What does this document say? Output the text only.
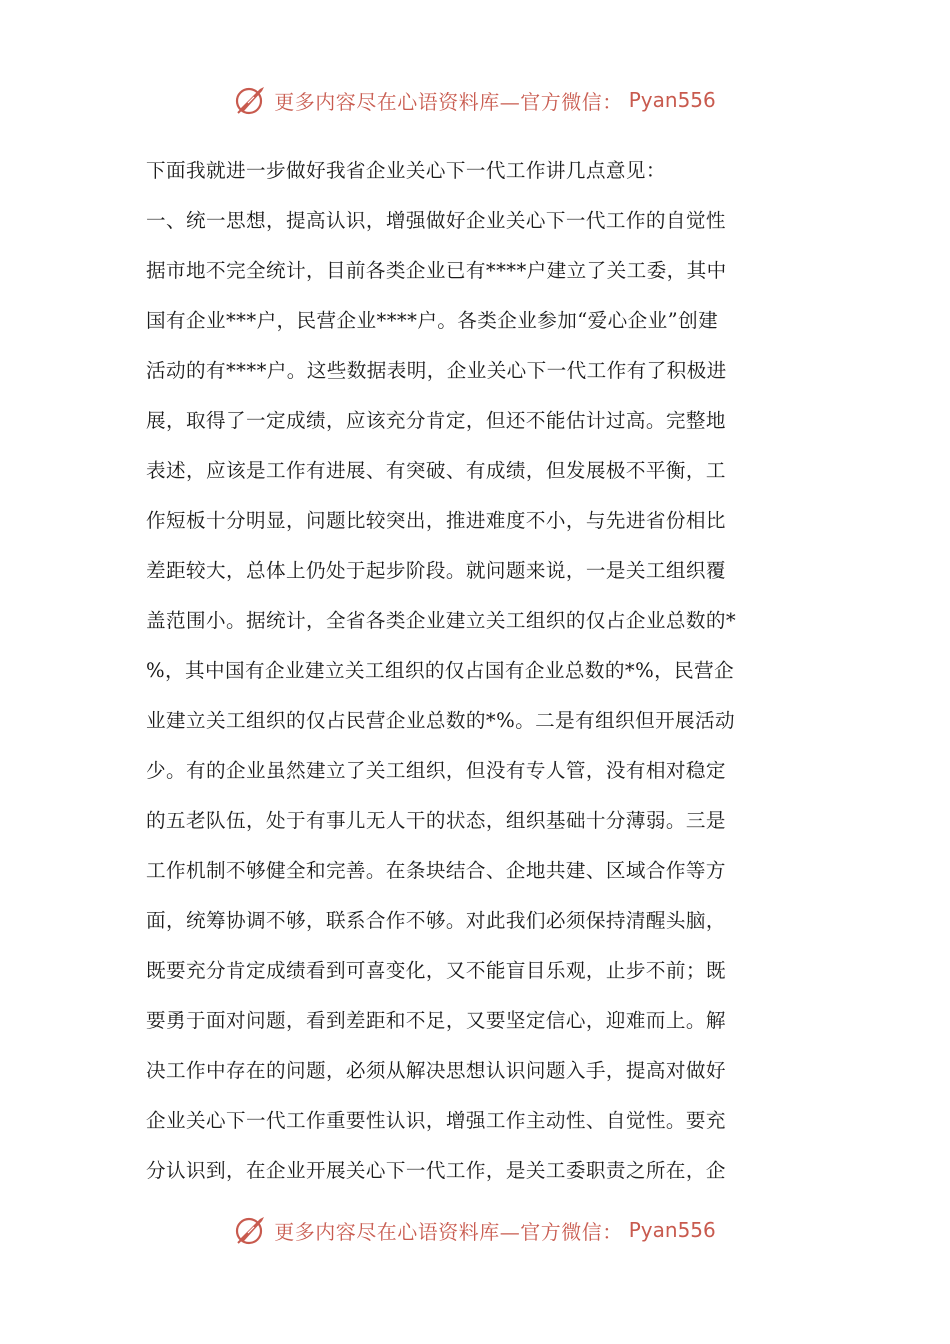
更多内容尽在心语资料库—官方微信： Pyan556
下面我就进一步做好我省企业关心下一代工作讲几点意见：
一、统一思想，提高认识，增强做好企业关心下一代工作的自觉性
据市地不完全统计，目前各类企业已有****户建立了关工委，其中
国有企业***户，民营企业****户。各类企业参加“爱心企业”创建
活动的有****户。这些数据表明，企业关心下一代工作有了积极进
展，取得了一定成绩，应该充分肯定，但还不能估计过高。完整地
表述，应该是工作有进展、有突破、有成绩，但发展极不平衡，工
作短板十分明显，问题比较突出，推进难度不小，与先进省份相比
差距较大，总体上仍处于起步阶段。就问题来说，一是关工组织覆
盖范围小。据统计，全省各类企业建立关工组织的仅占企业总数的*
%，其中国有企业建立关工组织的仅占国有企业总数的*%，民营企
业建立关工组织的仅占民营企业总数的*%。二是有组织但开展活动
少。有的企业虽然建立了关工组织，但没有专人管，没有相对稳定
的五老队伍，处于有事儿无人干的状态，组织基础十分薄弱。三是
工作机制不够健全和完善。在条块结合、企地共建、区域合作等方
面，统筹协调不够，联系合作不够。对此我们必须保持清醒头脑，
既要充分肯定成绩看到可喜变化，又不能盲目乐观，止步不前；既
要勇于面对问题，看到差距和不足，又要坚定信心，迎难而上。解
决工作中存在的问题，必须从解决思想认识问题入手，提高对做好
企业关心下一代工作重要性认识，增强工作主动性、自觉性。要充
分认识到，在企业开展关心下一代工作，是关工委职责之所在，企
更多内容尽在心语资料库—官方微信： Pyan556
